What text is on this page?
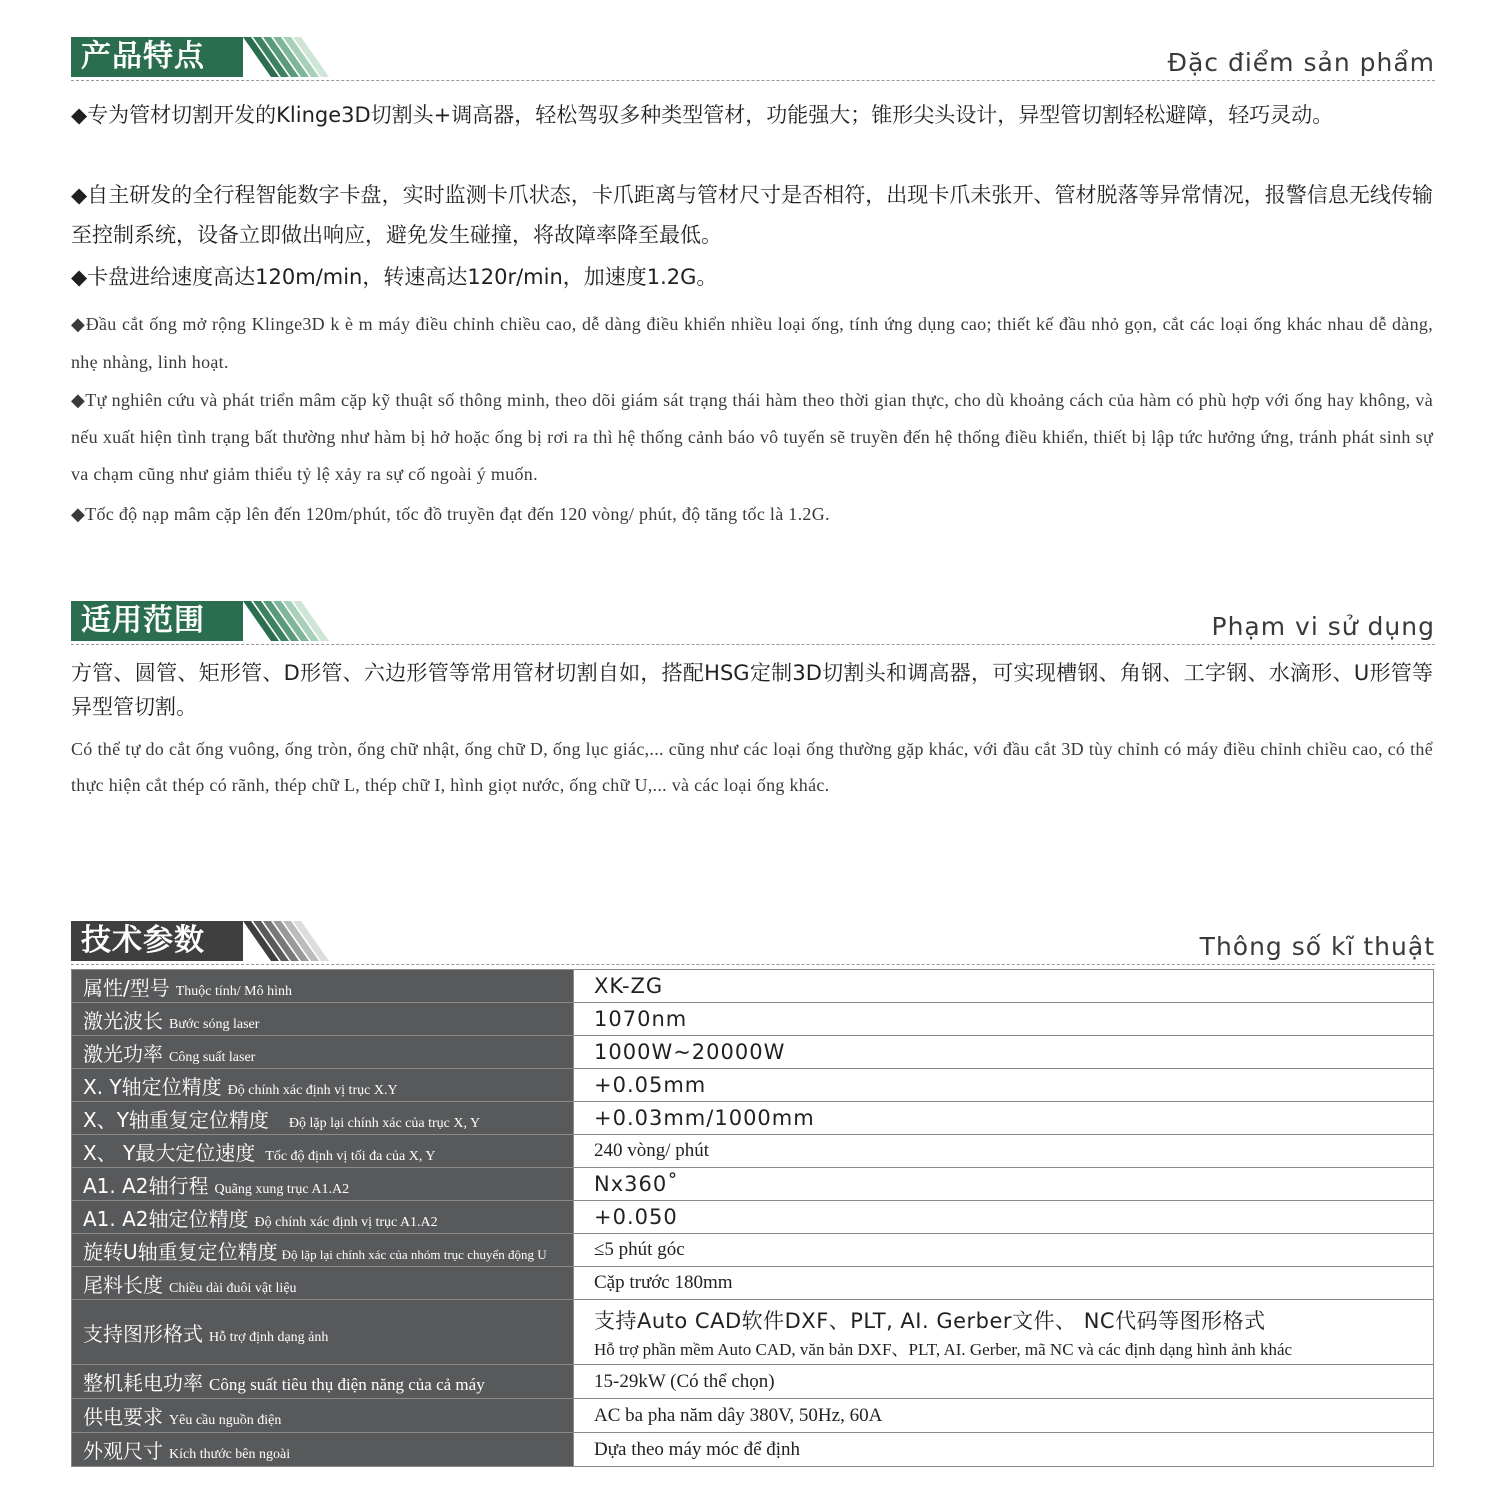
产品特点	Đặc điểm sản phẩm
◆专为管材切割开发的Klinge3D切割头+调高器，轻松驾驭多种类型管材，功能强大；锥形尖头设计，异型管切割轻松避障，轻巧灵动。
◆自主研发的全行程智能数字卡盘，实时监测卡爪状态，卡爪距离与管材尺寸是否相符，出现卡爪未张开、管材脱落等异常情况，报警信息无线传输至控制系统，设备立即做出响应，避免发生碰撞，将故障率降至最低。
◆卡盘进给速度高达120m/min，转速高达120r/min，加速度1.2G。
◆Đầu cắt ống mở rộng Klinge3D k è m máy điều chỉnh chiều cao, dễ dàng điều khiển nhiều loại ống, tính ứng dụng cao; thiết kế đầu nhỏ gọn, cắt các loại ống khác nhau dễ dàng, nhẹ nhàng, linh hoạt.
◆Tự nghiên cứu và phát triển mâm cặp kỹ thuật số thông minh, theo dõi giám sát trạng thái hàm theo thời gian thực, cho dù khoảng cách của hàm có phù hợp với ống hay không, và nếu xuất hiện tình trạng bất thường như hàm bị hở hoặc ống bị rơi ra thì hệ thống cảnh báo vô tuyến sẽ truyền đến hệ thống điều khiển, thiết bị lập tức hưởng ứng, tránh phát sinh sự va chạm cũng như giảm thiểu tỷ lệ xảy ra sự cố ngoài ý muốn.
◆Tốc độ nạp mâm cặp lên đến 120m/phút, tốc đồ truyền đạt đến 120 vòng/ phút, độ tăng tốc là 1.2G.
适用范围	Phạm vi sử dụng
方管、圆管、矩形管、D形管、六边形管等常用管材切割自如，搭配HSG定制3D切割头和调高器，可实现槽钢、角钢、工字钢、水滴形、U形管等异型管切割。
Có thể tự do cắt ống vuông, ống tròn, ống chữ nhật, ống chữ D, ống lục giác,... cũng như các loại ống thường gặp khác, với đầu cắt 3D tùy chỉnh có máy điều chỉnh chiều cao, có thể thực hiện cắt thép có rãnh, thép chữ L, thép chữ I, hình giọt nước, ống chữ U,... và các loại ống khác.
技术参数	Thông số kĩ thuật
属性/型号 Thuộc tính/ Mô hình	XK-ZG
激光波长 Bước sóng laser	1070nm
激光功率 Công suất laser	1000W~20000W
X. Y轴定位精度 Độ chính xác định vị trục X.Y	+0.05mm
X、Y轴重复定位精度 Độ lặp lại chính xác của trục X, Y	+0.03mm/1000mm
X、 Y最大定位速度 Tốc độ định vị tối đa của X, Y	240 vòng/ phút
A1. A2轴行程 Quãng xung trục A1.A2	Nx360˚
A1. A2轴定位精度 Độ chính xác định vị trục A1.A2	+0.050
旋转U轴重复定位精度 Độ lặp lại chính xác của nhóm trục chuyển động U	≤5 phút góc
尾料长度 Chiều dài đuôi vật liệu	Cặp trước 180mm
支持图形格式 Hỗ trợ định dạng ảnh	支持Auto CAD软件DXF、PLT, AI. Gerber文件、 NC代码等图形格式
Hỗ trợ phần mềm Auto CAD, văn bản DXF、PLT, AI. Gerber, mã NC và các định dạng hình ảnh khác

整机耗电功率 Công suất tiêu thụ điện năng của cả máy	15-29kW (Có thể chọn)
供电要求 Yêu cầu nguồn điện	AC ba pha năm dây 380V, 50Hz, 60A
外观尺寸 Kích thước bên ngoài	Dựa theo máy móc để định
